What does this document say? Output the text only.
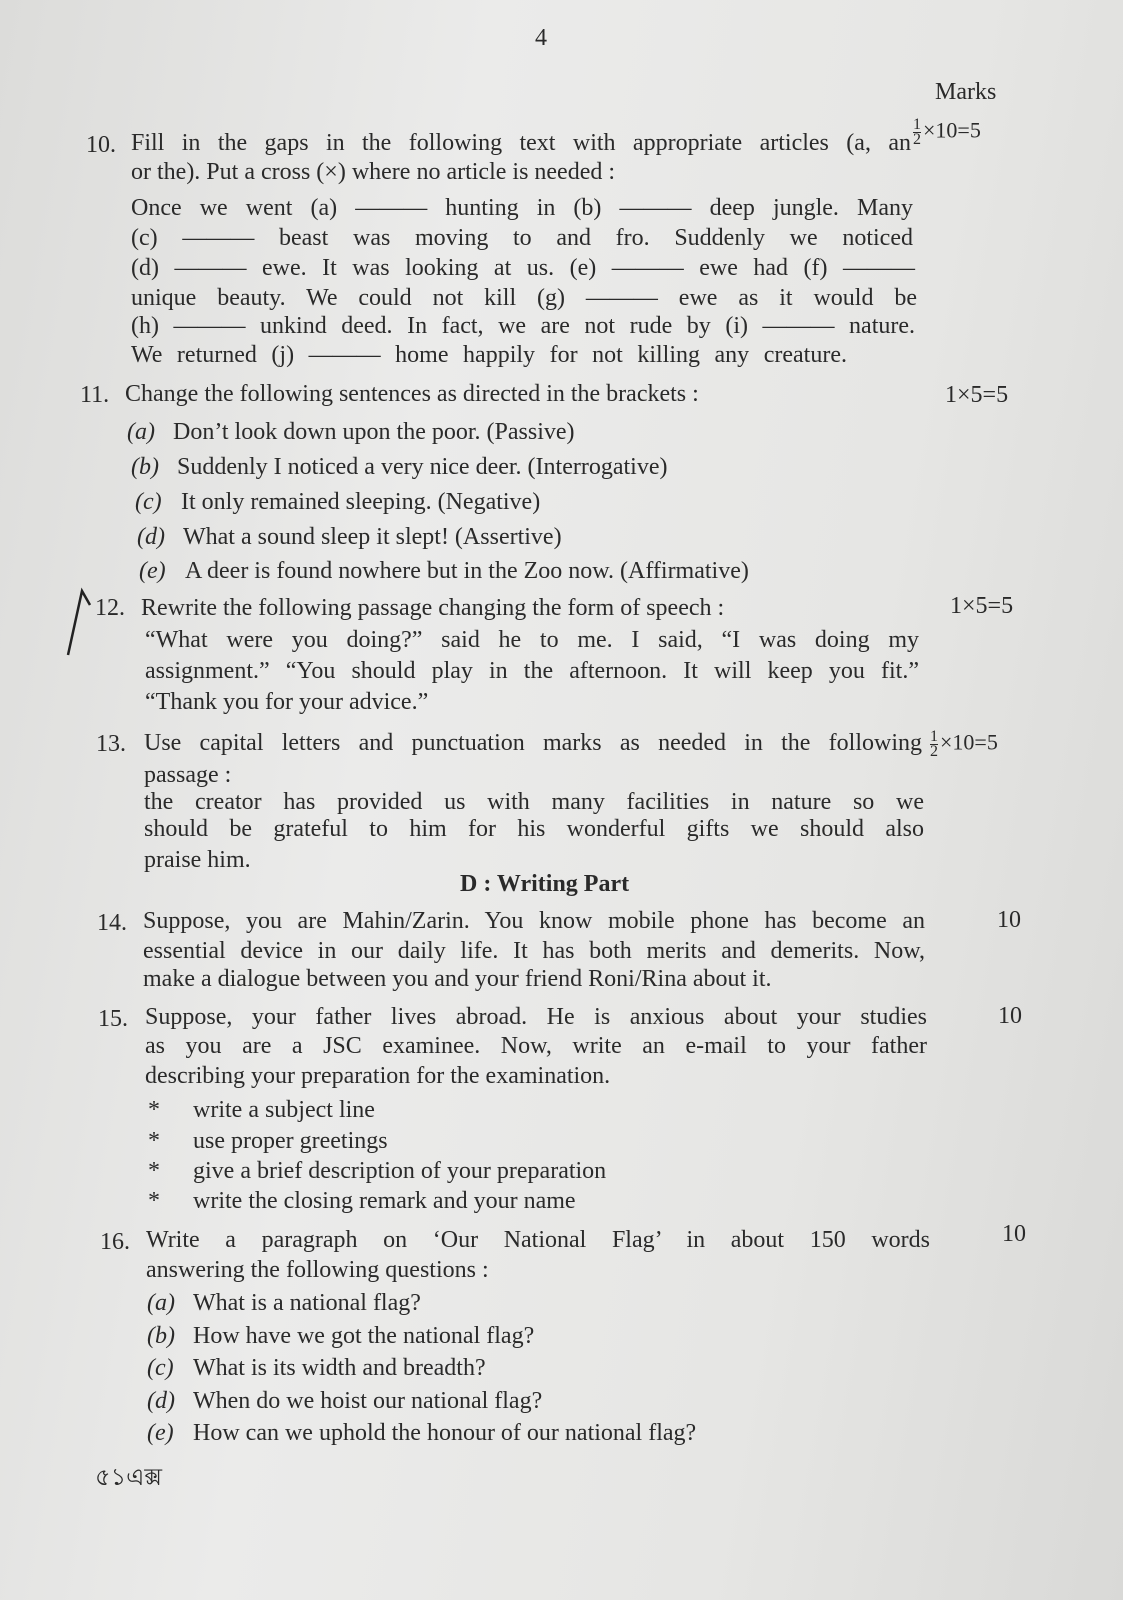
4
Marks
10. Fill in the gaps in the following text with appropriate articles (a, an
or the). Put a cross (×) where no article is needed :
Once we went (a) ——— hunting in (b) ——— deep jungle. Many
(c) ——— beast was moving to and fro. Suddenly we noticed
(d) ——— ewe. It was looking at us. (e) ——— ewe had (f) ———
unique beauty. We could not kill (g) ——— ewe as it would be
(h) ——— unkind deed. In fact, we are not rude by (i) ——— nature.
We returned (j) ——— home happily for not killing any creature.
11. Change the following sentences as directed in the brackets :	1×5=5
12. Rewrite the following passage changing the form of speech :	1×5=5
“What were you doing?” said he to me. I said, “I was doing my
assignment.” “You should play in the afternoon. It will keep you fit.”
“Thank you for your advice.”
13. Use capital letters and punctuation marks as needed in the following
passage :
the creator has provided us with many facilities in nature so we
should be grateful to him for his wonderful gifts we should also
praise him.
D : Writing Part
14.	10
Suppose, you are Mahin/Zarin. You know mobile phone has become an
essential device in our daily life. It has both merits and demerits. Now,
make a dialogue between you and your friend Roni/Rina about it.
15.	10
Suppose, your father lives abroad. He is anxious about your studies
as you are a JSC examinee. Now, write an e-mail to your father
describing your preparation for the examination.
16.	10
Write a paragraph on ‘Our National Flag’ in about 150 words
answering the following questions :
৫১এক্স
(a) Don’t look down upon the poor. (Passive)
(b) Suddenly I noticed a very nice deer. (Interrogative)
(c) It only remained sleeping. (Negative)
(d) What a sound sleep it slept! (Assertive)
(e) A deer is found nowhere but in the Zoo now. (Affirmative)
* write a subject line
* use proper greetings
* give a brief description of your preparation
* write the closing remark and your name
(a) What is a national flag?
(b) How have we got the national flag?
(c) What is its width and breadth?
(d) When do we hoist our national flag?
(e) How can we uphold the honour of our national flag?
$\frac{1}{2} \times 10=5$
$\frac{1}{2} \times 10=5$
